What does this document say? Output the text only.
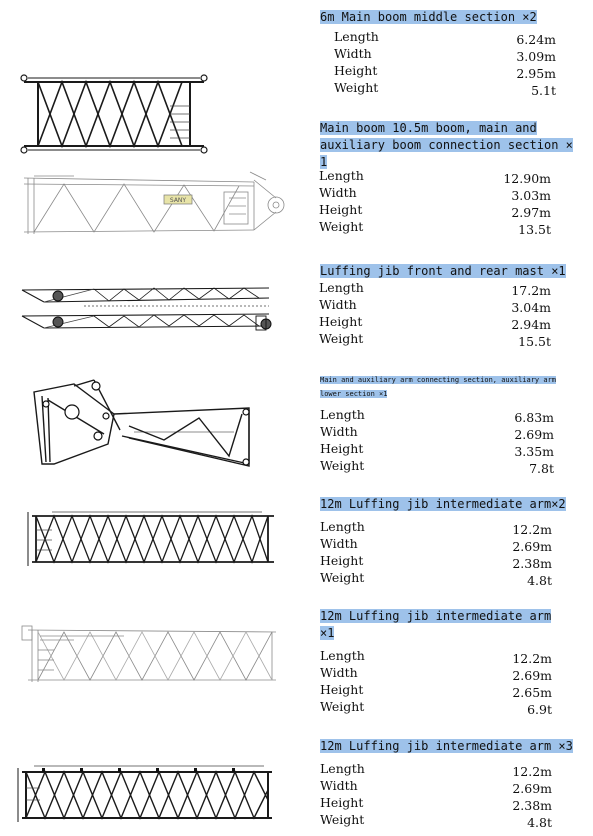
6m Main boom middle section ×2
Length	6.24m
Width	3.09m
Height	2.95m
Weight	5.1t
SANY
Main boom 10.5m boom, main and auxiliary boom connection section × 1
Length	12.90m
Width	3.03m
Height	2.97m
Weight	13.5t
Luffing jib front and rear mast ×1
Length	17.2m
Width	3.04m
Height	2.94m
Weight	15.5t
Main and auxiliary arm connecting section, auxiliary arm lower section ×1
Length	6.83m
Width	2.69m
Height	3.35m
Weight	7.8t
12m Luffing jib intermediate arm×2
Length	12.2m
Width	2.69m
Height	2.38m
Weight	4.8t
12m Luffing jib intermediate arm ×1
Length	12.2m
Width	2.69m
Height	2.65m
Weight	6.9t
12m Luffing jib intermediate arm ×3
Length	12.2m
Width	2.69m
Height	2.38m
Weight	4.8t
